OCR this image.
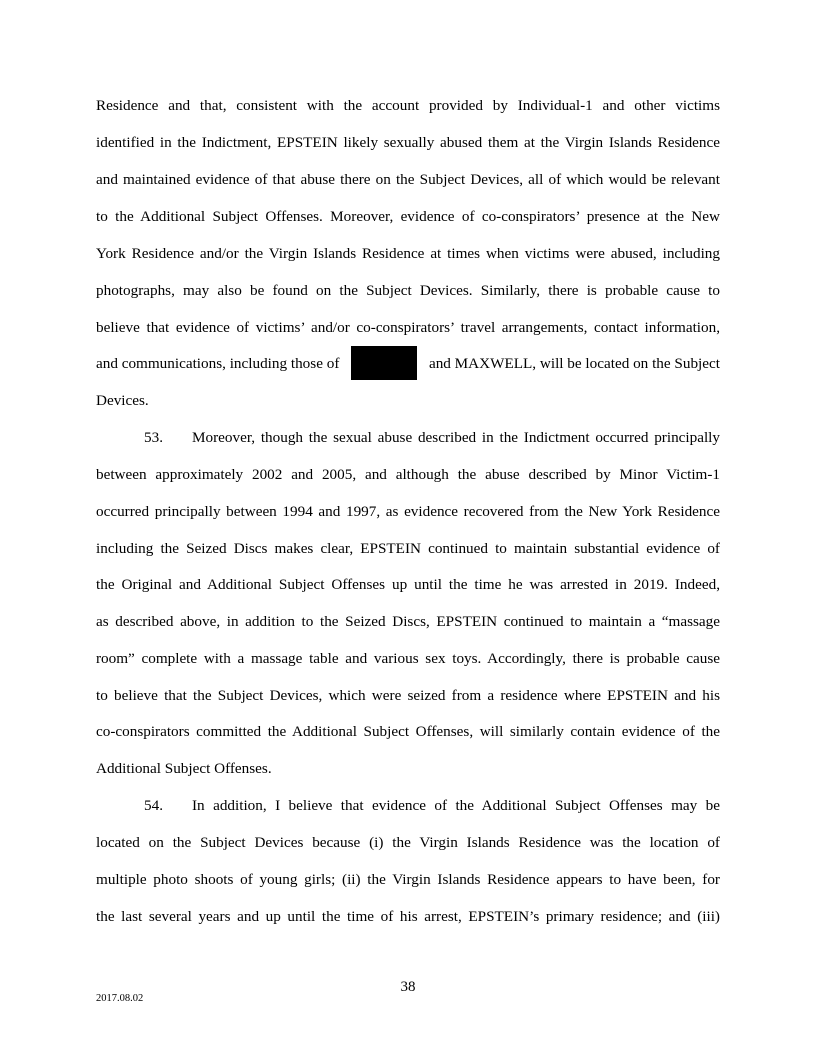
Residence and that, consistent with the account provided by Individual-1 and other victims
identified in the Indictment, EPSTEIN likely sexually abused them at the Virgin Islands Residence
and maintained evidence of that abuse there on the Subject Devices, all of which would be relevant
to the Additional Subject Offenses. Moreover, evidence of co-conspirators’ presence at the New
York Residence and/or the Virgin Islands Residence at times when victims were abused, including
photographs, may also be found on the Subject Devices. Similarly, there is probable cause to
believe that evidence of victims’ and/or co-conspirators’ travel arrangements, contact information,
and communications, including those of	and MAXWELL, will be located on the Subject
Devices.
53.	Moreover, though the sexual abuse described in the Indictment occurred principally
between approximately 2002 and 2005, and although the abuse described by Minor Victim-1
occurred principally between 1994 and 1997, as evidence recovered from the New York Residence
including the Seized Discs makes clear, EPSTEIN continued to maintain substantial evidence of
the Original and Additional Subject Offenses up until the time he was arrested in 2019. Indeed,
as described above, in addition to the Seized Discs, EPSTEIN continued to maintain a “massage
room” complete with a massage table and various sex toys. Accordingly, there is probable cause
to believe that the Subject Devices, which were seized from a residence where EPSTEIN and his
co-conspirators committed the Additional Subject Offenses, will similarly contain evidence of the
Additional Subject Offenses.
54.	In addition, I believe that evidence of the Additional Subject Offenses may be
located on the Subject Devices because (i) the Virgin Islands Residence was the location of
multiple photo shoots of young girls; (ii) the Virgin Islands Residence appears to have been, for
the last several years and up until the time of his arrest, EPSTEIN’s primary residence; and (iii)
38
2017.08.02
